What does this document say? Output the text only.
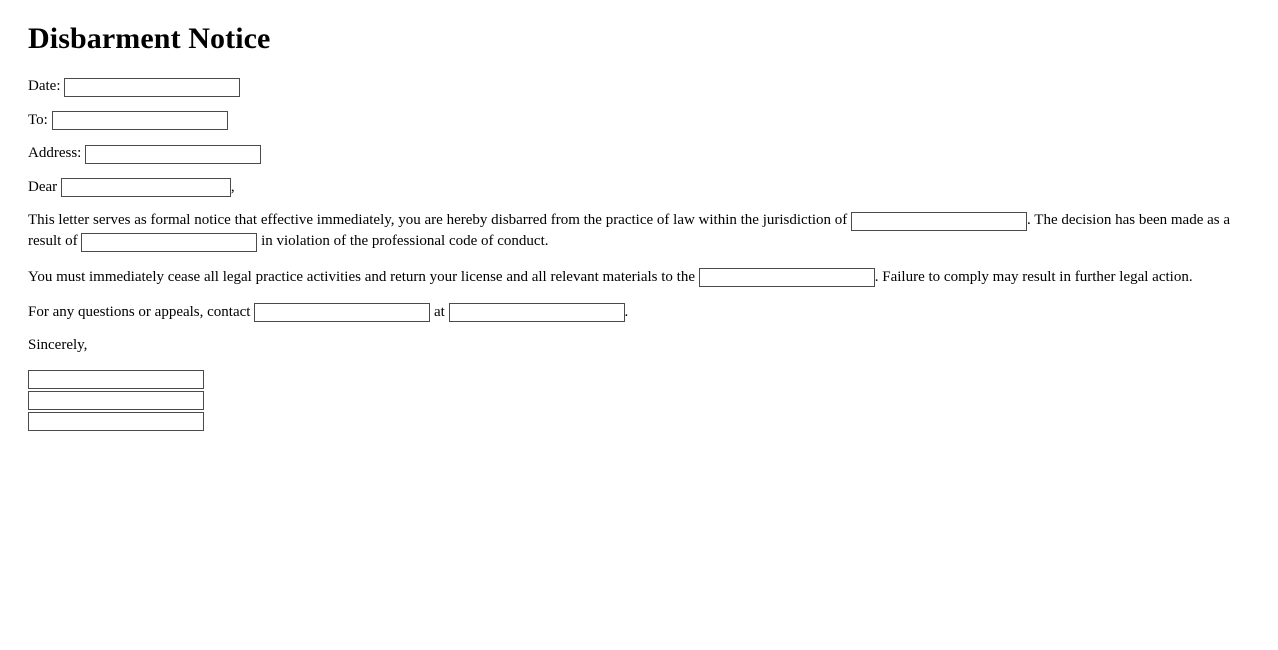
Disbarment Notice
Date:
To:
Address:
Dear	,
This letter serves as formal notice that effective immediately, you are hereby disbarred from the practice of law within the jurisdiction of	. The decision has been made as a result of	in violation of the professional code of conduct.
You must immediately cease all legal practice activities and return your license and all relevant materials to the	. Failure to comply may result in further legal action.
For any questions or appeals, contact	at	.
Sincerely,
